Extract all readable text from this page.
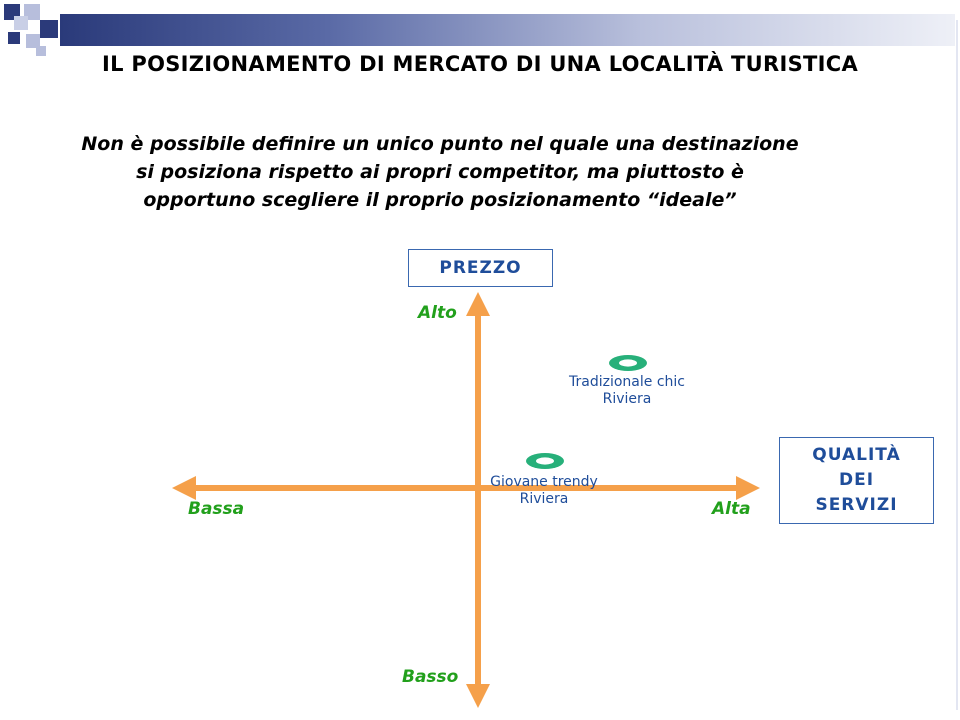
IL POSIZIONAMENTO DI MERCATO DI UNA LOCALITÀ TURISTICA
Non è possibile definire un unico punto nel quale una destinazione
si posiziona rispetto ai propri competitor, ma piuttosto è
opportuno scegliere il proprio posizionamento “ideale”
PREZZO
QUALITÀ
DEI
SERVIZI
Alto
Basso
Bassa	Alta
Tradizionale chic
Riviera
Giovane trendy
Riviera
